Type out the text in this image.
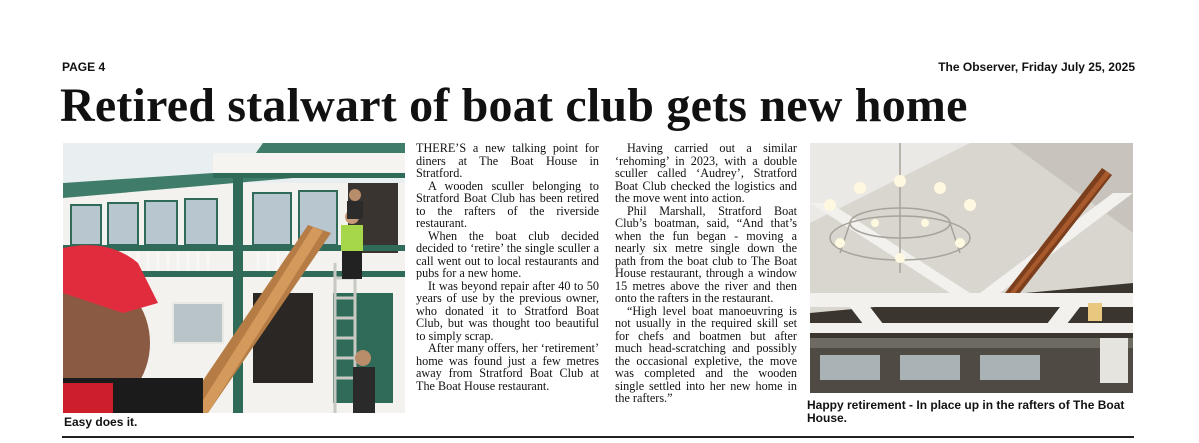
PAGE 4	The Observer, Friday July 25, 2025
Retired stalwart of boat club gets new home
Easy does it.

THERE’S a new talking point for diners at The Boat House in Stratford.

A wooden sculler belonging to Stratford Boat Club has been retired to the rafters of the riverside restaurant.

When the boat club decided decided to ‘retire’ the single sculler a call went out to local restaurants and pubs for a new home.

It was beyond repair after 40 to 50 years of use by the previous owner, who donated it to Stratford Boat Club, but was thought too beautiful to simply scrap.

After many offers, her ‘retirement’ home was found just a few metres away from Stratford Boat Club at The Boat House restaurant.

Having carried out a similar ‘rehoming’ in 2023, with a double sculler called ‘Audrey’, Stratford Boat Club checked the logistics and the move went into action.

Phil Marshall, Stratford Boat Club’s boatman, said, “And that’s when the fun began - moving a nearly six metre single down the path from the boat club to The Boat House restaurant, through a window 15 metres above the river and then onto the rafters in the restaurant.

“High level boat manoeuvring is not usually in the required skill set for chefs and boatmen but after much head-scratching and possibly the occasional expletive, the move was completed and the wooden single settled into her new home in the rafters.”	Happy retirement - In place up in the rafters of The Boat House.
